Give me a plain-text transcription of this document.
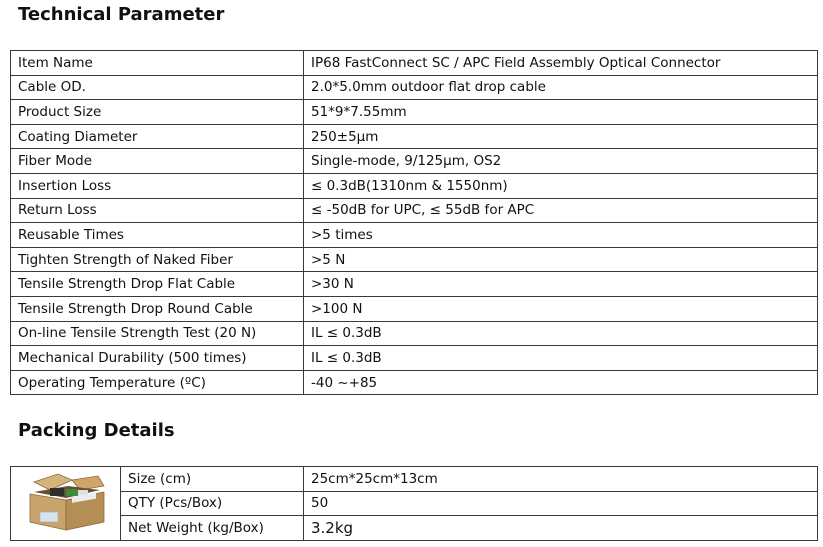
Technical Parameter
Item Name	IP68 FastConnect SC / APC Field Assembly Optical Connector
Cable OD.	2.0*5.0mm outdoor flat drop cable
Product Size	51*9*7.55mm
Coating Diameter	250±5μm
Fiber Mode	Single-mode, 9/125μm, OS2
Insertion Loss	≤ 0.3dB(1310nm & 1550nm)
Return Loss	≤ -50dB for UPC, ≤ 55dB for APC
Reusable Times	>5 times
Tighten Strength of Naked Fiber	>5 N
Tensile Strength Drop Flat Cable	>30 N
Tensile Strength Drop Round Cable	>100 N
On-line Tensile Strength Test (20 N)	IL ≤ 0.3dB
Mechanical Durability (500 times)	IL ≤ 0.3dB
Operating Temperature (ºC)	-40 ~+85
Packing Details
	Size (cm)	25cm*25cm*13cm
	QTY (Pcs/Box)	50
	Net Weight (kg/Box)	3.2kg
